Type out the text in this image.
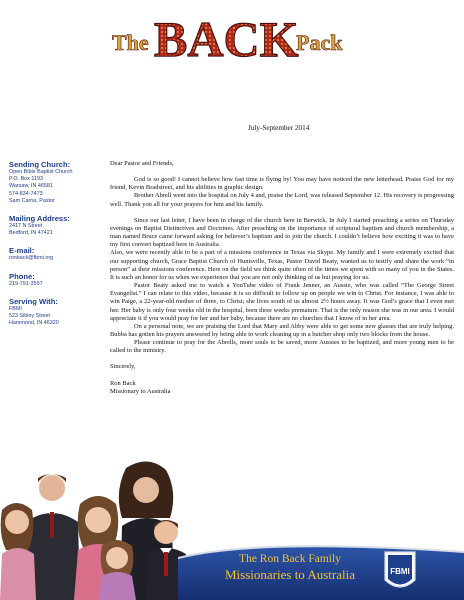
The BACK
Pack
July-September 2014
Sending Church:
Open Bible Baptist Church
P.O. Box 1193
Warsaw, IN 46581
574-834-7473
Sam Carna, Pastor
Mailing Address:
2417 N Street
Bedford, IN 47421
E-mail:
ronback@fbmi.org
Phone:
219-791-3597
Serving With:
FBMI
523 Sibley Street
Hammond, IN 46320

Dear Pastor and Friends,

God is so good! I cannot believe how fast time is flying by! You may have noticed the new letterhead. Praise God for my friend, Kevin Bradstreet, and his abilities in graphic design.

Brother Abrell went into the hospital on July 4 and, praise the Lord, was released September 12. His recovery is progressing well. Thank you all for your prayers for him and his family.

Since our last letter, I have been in charge of the church here in Berwick. In July I started preaching a series on Thursday evenings on Baptist Distinctives and Doctrines. After preaching on the importance of scriptural baptism and church membership, a man named Bruce came forward asking for believer’s baptism and to join the church. I couldn’t believe how exciting it was to have my first convert baptized here in Australia.

Also, we were recently able to be a part of a missions conference in Texas via Skype. My family and I were extremely excited that our supporting church, Grace Baptist Church of Huntsville, Texas, Pastor David Beaty, wanted us to testify and share the work “in person” at their missions conference. Here on the field we think quite often of the times we spent with so many of you in the States. It is such an honor for us when we experience that you are not only thinking of us but praying for us.

Pastor Beaty asked me to watch a YouTube video of Frank Jenner, an Aussie, who was called “The George Street Evangelist.” I can relate to this video, because it is so difficult to follow up on people we win to Christ. For instance, I was able to win Paige, a 22-year-old mother of three, to Christ; she lives south of us almost 2½ hours away. It was God’s grace that I even met her. Her baby is only four weeks old in the hospital, born three weeks premature. That is the only reason she was in our area. I would appreciate it if you would pray for her and her baby, because there are no churches that I know of in her area.

On a personal note, we are praising the Lord that Mary and Abby were able to get some new glasses that are truly helping. Bubba has gotten his prayers answered by being able to work cleaning up in a butcher shop only two blocks from the house.

Please continue to pray for the Abrells, more souls to be saved, more Aussies to be baptized, and more young men to be called to the ministry.

Sincerely,

Ron Back

Missionary to Australia

The Ron Back Family
Missionaries to Australia	FBMI
